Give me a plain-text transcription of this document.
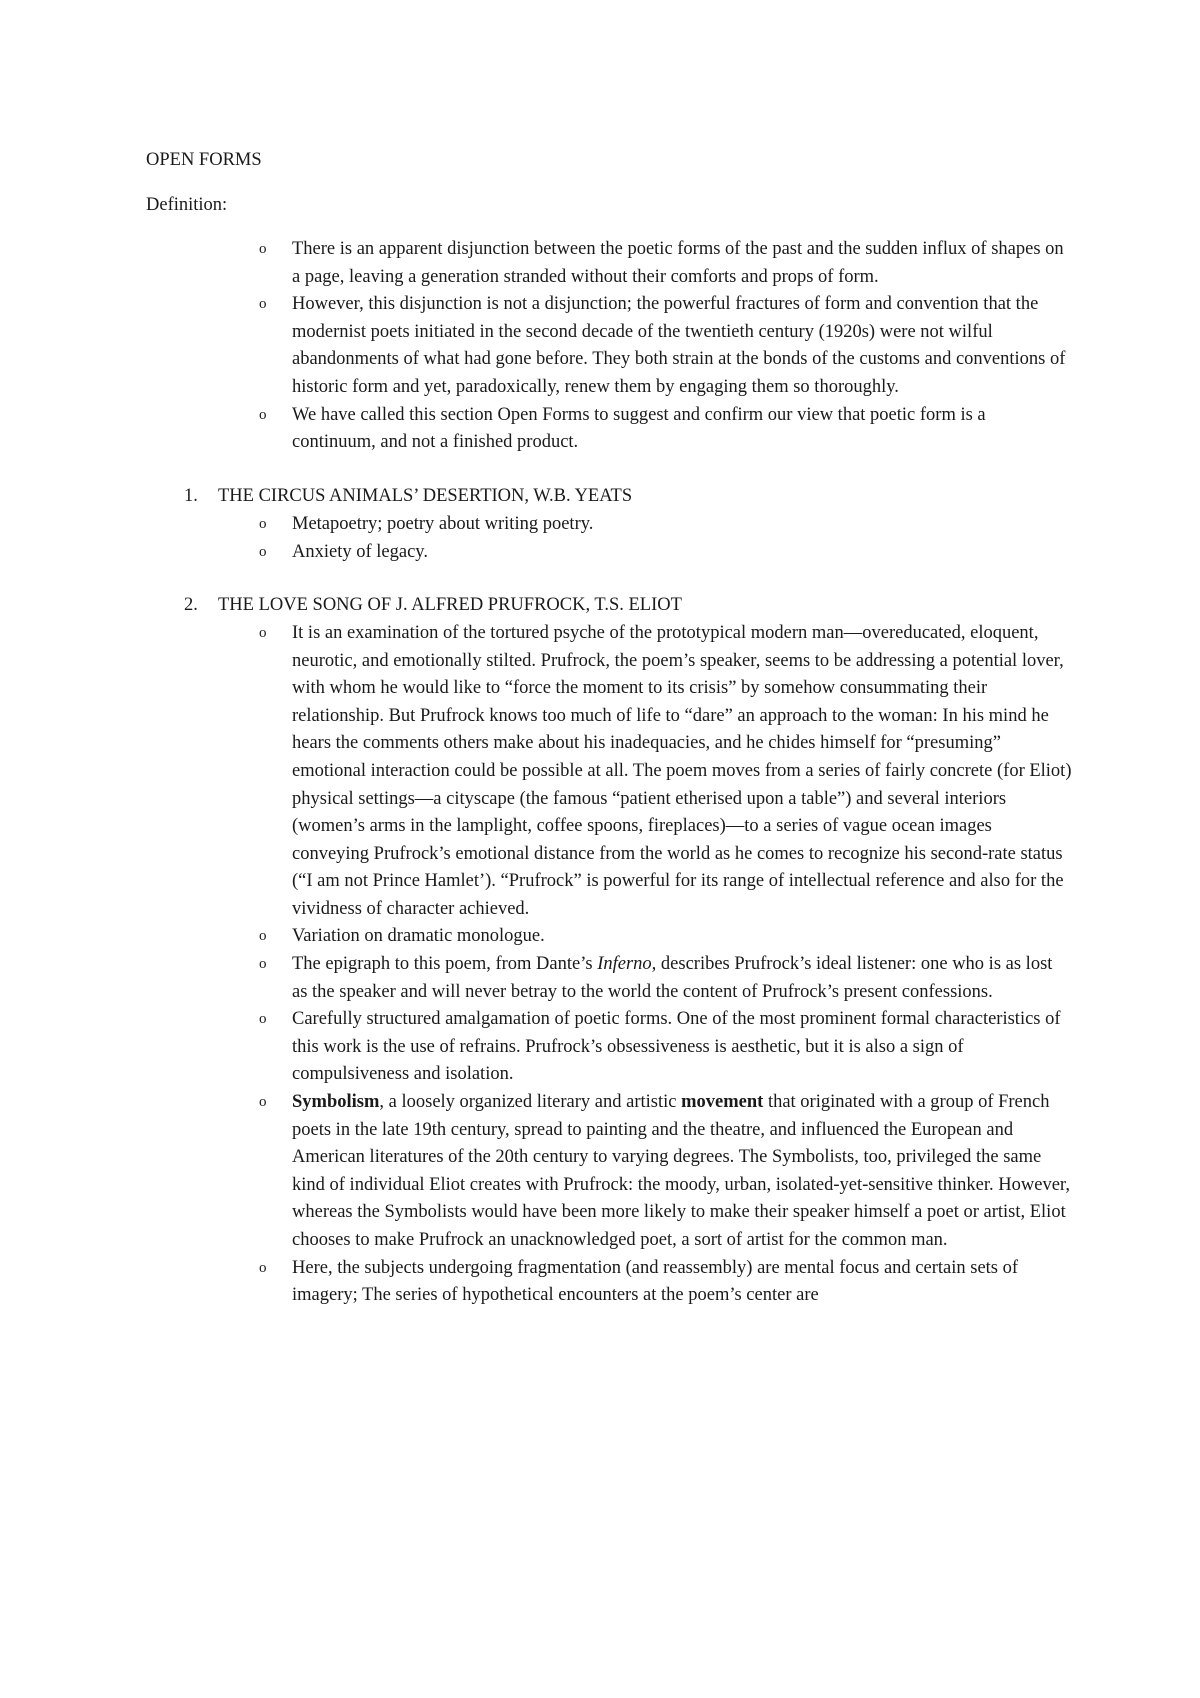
OPEN FORMS
Definition:
o There is an apparent disjunction between the poetic forms of the past and the sudden influx of shapes on a page, leaving a generation stranded without their comforts and props of form.
o However, this disjunction is not a disjunction; the powerful fractures of form and convention that the modernist poets initiated in the second decade of the twentieth century (1920s) were not wilful abandonments of what had gone before. They both strain at the bonds of the customs and conventions of historic form and yet, paradoxically, renew them by engaging them so thoroughly.
o We have called this section Open Forms to suggest and confirm our view that poetic form is a continuum, and not a finished product.
1. THE CIRCUS ANIMALS’ DESERTION, W.B. YEATS
o Metapoetry; poetry about writing poetry.
o Anxiety of legacy.
2. THE LOVE SONG OF J. ALFRED PRUFROCK, T.S. ELIOT
o It is an examination of the tortured psyche of the prototypical modern man—overeducated, eloquent, neurotic, and emotionally stilted. Prufrock, the poem’s speaker, seems to be addressing a potential lover, with whom he would like to “force the moment to its crisis” by somehow consummating their relationship. But Prufrock knows too much of life to “dare” an approach to the woman: In his mind he hears the comments others make about his inadequacies, and he chides himself for “presuming” emotional interaction could be possible at all. The poem moves from a series of fairly concrete (for Eliot) physical settings—a cityscape (the famous “patient etherised upon a table”) and several interiors (women’s arms in the lamplight, coffee spoons, fireplaces)—to a series of vague ocean images conveying Prufrock’s emotional distance from the world as he comes to recognize his second-rate status (“I am not Prince Hamlet’). “Prufrock” is powerful for its range of intellectual reference and also for the vividness of character achieved.
o Variation on dramatic monologue.
o The epigraph to this poem, from Dante’s Inferno, describes Prufrock’s ideal listener: one who is as lost as the speaker and will never betray to the world the content of Prufrock’s present confessions.
o Carefully structured amalgamation of poetic forms. One of the most prominent formal characteristics of this work is the use of refrains. Prufrock’s obsessiveness is aesthetic, but it is also a sign of compulsiveness and isolation.
o Symbolism, a loosely organized literary and artistic movement that originated with a group of French poets in the late 19th century, spread to painting and the theatre, and influenced the European and American literatures of the 20th century to varying degrees. The Symbolists, too, privileged the same kind of individual Eliot creates with Prufrock: the moody, urban, isolated-yet-sensitive thinker. However, whereas the Symbolists would have been more likely to make their speaker himself a poet or artist, Eliot chooses to make Prufrock an unacknowledged poet, a sort of artist for the common man.
o Here, the subjects undergoing fragmentation (and reassembly) are mental focus and certain sets of imagery; The series of hypothetical encounters at the poem’s center are
